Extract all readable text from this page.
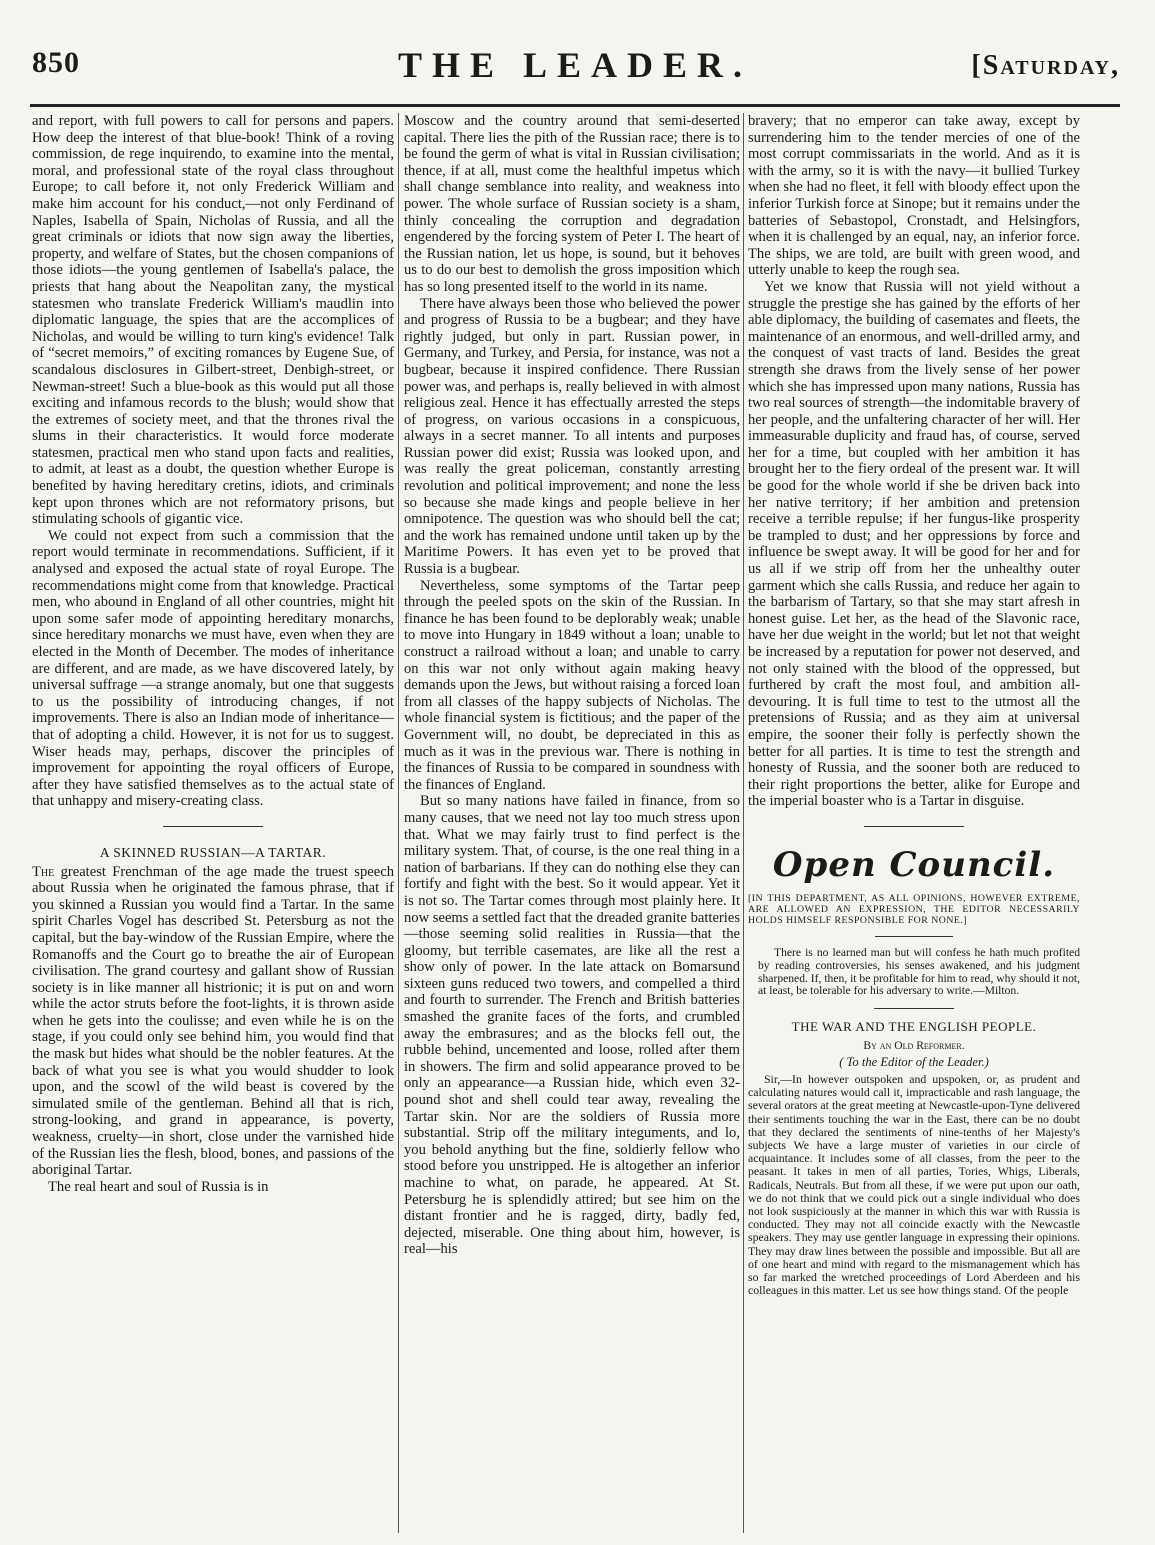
850	THE LEADER.	[Saturday,

and report, with full powers to call for persons and papers. How deep the interest of that blue-book! Think of a roving commission, de rege inquirendo, to examine into the mental, moral, and professional state of the royal class throughout Europe; to call before it, not only Frederick William and make him account for his conduct,—not only Ferdinand of Naples, Isabella of Spain, Nicholas of Russia, and all the great criminals or idiots that now sign away the liberties, property, and welfare of States, but the chosen companions of those idiots—the young gentlemen of Isabella's palace, the priests that hang about the Neapolitan zany, the mystical statesmen who translate Frederick William's maudlin into diplomatic language, the spies that are the accomplices of Nicholas, and would be willing to turn king's evidence! Talk of “secret memoirs,” of exciting romances by Eugene Sue, of scandalous disclosures in Gilbert-street, Denbigh-street, or Newman-street! Such a blue-book as this would put all those exciting and infamous records to the blush; would show that the extremes of society meet, and that the thrones rival the slums in their characteristics. It would force moderate statesmen, practical men who stand upon facts and realities, to admit, at least as a doubt, the question whether Europe is benefited by having hereditary cretins, idiots, and criminals kept upon thrones which are not reformatory prisons, but stimulating schools of gigantic vice.

We could not expect from such a commission that the report would terminate in recommendations. Sufficient, if it analysed and exposed the actual state of royal Europe. The recommendations might come from that knowledge. Practical men, who abound in England of all other countries, might hit upon some safer mode of appointing hereditary monarchs, since hereditary monarchs we must have, even when they are elected in the Month of December. The modes of inheritance are different, and are made, as we have discovered lately, by universal suffrage —a strange anomaly, but one that suggests to us the possibility of introducing changes, if not improvements. There is also an Indian mode of inheritance—that of adopting a child. However, it is not for us to suggest. Wiser heads may, perhaps, discover the principles of improvement for appointing the royal officers of Europe, after they have satisfied themselves as to the actual state of that unhappy and misery-creating class.

A SKINNED RUSSIAN—A TARTAR.

The greatest Frenchman of the age made the truest speech about Russia when he originated the famous phrase, that if you skinned a Russian you would find a Tartar. In the same spirit Charles Vogel has described St. Petersburg as not the capital, but the bay-window of the Russian Empire, where the Romanoffs and the Court go to breathe the air of European civilisation. The grand courtesy and gallant show of Russian society is in like manner all histrionic; it is put on and worn while the actor struts before the foot-lights, it is thrown aside when he gets into the coulisse; and even while he is on the stage, if you could only see behind him, you would find that the mask but hides what should be the nobler features. At the back of what you see is what you would shudder to look upon, and the scowl of the wild beast is covered by the simulated smile of the gentleman. Behind all that is rich, strong-looking, and grand in appearance, is poverty, weakness, cruelty—in short, close under the varnished hide of the Russian lies the flesh, blood, bones, and passions of the aboriginal Tartar.

The real heart and soul of Russia is in

Moscow and the country around that semi-deserted capital. There lies the pith of the Russian race; there is to be found the germ of what is vital in Russian civilisation; thence, if at all, must come the healthful impetus which shall change semblance into reality, and weakness into power. The whole surface of Russian society is a sham, thinly concealing the corruption and degradation engendered by the forcing system of Peter I. The heart of the Russian nation, let us hope, is sound, but it behoves us to do our best to demolish the gross imposition which has so long presented itself to the world in its name.

There have always been those who believed the power and progress of Russia to be a bugbear; and they have rightly judged, but only in part. Russian power, in Germany, and Turkey, and Persia, for instance, was not a bugbear, because it inspired confidence. There Russian power was, and perhaps is, really believed in with almost religious zeal. Hence it has effectually arrested the steps of progress, on various occasions in a conspicuous, always in a secret manner. To all intents and purposes Russian power did exist; Russia was looked upon, and was really the great policeman, constantly arresting revolution and political improvement; and none the less so because she made kings and people believe in her omnipotence. The question was who should bell the cat; and the work has remained undone until taken up by the Maritime Powers. It has even yet to be proved that Russia is a bugbear.

Nevertheless, some symptoms of the Tartar peep through the peeled spots on the skin of the Russian. In finance he has been found to be deplorably weak; unable to move into Hungary in 1849 without a loan; unable to construct a railroad without a loan; and unable to carry on this war not only without again making heavy demands upon the Jews, but without raising a forced loan from all classes of the happy subjects of Nicholas. The whole financial system is fictitious; and the paper of the Government will, no doubt, be depreciated in this as much as it was in the previous war. There is nothing in the finances of Russia to be compared in soundness with the finances of England.

But so many nations have failed in finance, from so many causes, that we need not lay too much stress upon that. What we may fairly trust to find perfect is the military system. That, of course, is the one real thing in a nation of barbarians. If they can do nothing else they can fortify and fight with the best. So it would appear. Yet it is not so. The Tartar comes through most plainly here. It now seems a settled fact that the dreaded granite batteries—those seeming solid realities in Russia—that the gloomy, but terrible casemates, are like all the rest a show only of power. In the late attack on Bomarsund sixteen guns reduced two towers, and compelled a third and fourth to surrender. The French and British batteries smashed the granite faces of the forts, and crumbled away the embrasures; and as the blocks fell out, the rubble behind, uncemented and loose, rolled after them in showers. The firm and solid appearance proved to be only an appearance—a Russian hide, which even 32-pound shot and shell could tear away, revealing the Tartar skin. Nor are the soldiers of Russia more substantial. Strip off the military integuments, and lo, you behold anything but the fine, soldierly fellow who stood before you unstripped. He is altogether an inferior machine to what, on parade, he appeared. At St. Petersburg he is splendidly attired; but see him on the distant frontier and he is ragged, dirty, badly fed, dejected, miserable. One thing about him, however, is real—his

bravery; that no emperor can take away, except by surrendering him to the tender mercies of one of the most corrupt commissariats in the world. And as it is with the army, so it is with the navy—it bullied Turkey when she had no fleet, it fell with bloody effect upon the inferior Turkish force at Sinope; but it remains under the batteries of Sebastopol, Cronstadt, and Helsingfors, when it is challenged by an equal, nay, an inferior force. The ships, we are told, are built with green wood, and utterly unable to keep the rough sea.

Yet we know that Russia will not yield without a struggle the prestige she has gained by the efforts of her able diplomacy, the building of casemates and fleets, the maintenance of an enormous, and well-drilled army, and the conquest of vast tracts of land. Besides the great strength she draws from the lively sense of her power which she has impressed upon many nations, Russia has two real sources of strength—the indomitable bravery of her people, and the unfaltering character of her will. Her immeasurable duplicity and fraud has, of course, served her for a time, but coupled with her ambition it has brought her to the fiery ordeal of the present war. It will be good for the whole world if she be driven back into her native territory; if her ambition and pretension receive a terrible repulse; if her fungus-like prosperity be trampled to dust; and her oppressions by force and influence be swept away. It will be good for her and for us all if we strip off from her the unhealthy outer garment which she calls Russia, and reduce her again to the barbarism of Tartary, so that she may start afresh in honest guise. Let her, as the head of the Slavonic race, have her due weight in the world; but let not that weight be increased by a reputation for power not deserved, and not only stained with the blood of the oppressed, but furthered by craft the most foul, and ambition all-devouring. It is full time to test to the utmost all the pretensions of Russia; and as they aim at universal empire, the sooner their folly is perfectly shown the better for all parties. It is time to test the strength and honesty of Russia, and the sooner both are reduced to their right proportions the better, alike for Europe and the imperial boaster who is a Tartar in disguise.

Open Council.
[IN THIS DEPARTMENT, AS ALL OPINIONS, HOWEVER EXTREME, ARE ALLOWED AN EXPRESSION, THE EDITOR NECESSARILY HOLDS HIMSELF RESPONSIBLE FOR NONE.]

There is no learned man but will confess he hath much profited by reading controversies, his senses awakened, and his judgment sharpened. If, then, it be profitable for him to read, why should it not, at least, be tolerable for his adversary to write.—Milton.

THE WAR AND THE ENGLISH PEOPLE.
By an Old Reformer.
( To the Editor of the Leader.)

Sir,—In however outspoken and upspoken, or, as prudent and calculating natures would call it, impracticable and rash language, the several orators at the great meeting at Newcastle-upon-Tyne delivered their sentiments touching the war in the East, there can be no doubt that they declared the sentiments of nine-tenths of her Majesty's subjects We have a large muster of varieties in our circle of acquaintance. It includes some of all classes, from the peer to the peasant. It takes in men of all parties, Tories, Whigs, Liberals, Radicals, Neutrals. But from all these, if we were put upon our oath, we do not think that we could pick out a single individual who does not look suspiciously at the manner in which this war with Russia is conducted. They may not all coincide exactly with the Newcastle speakers. They may use gentler language in expressing their opinions. They may draw lines between the possible and impossible. But all are of one heart and mind with regard to the mismanagement which has so far marked the wretched proceedings of Lord Aberdeen and his colleagues in this matter. Let us see how things stand. Of the people
